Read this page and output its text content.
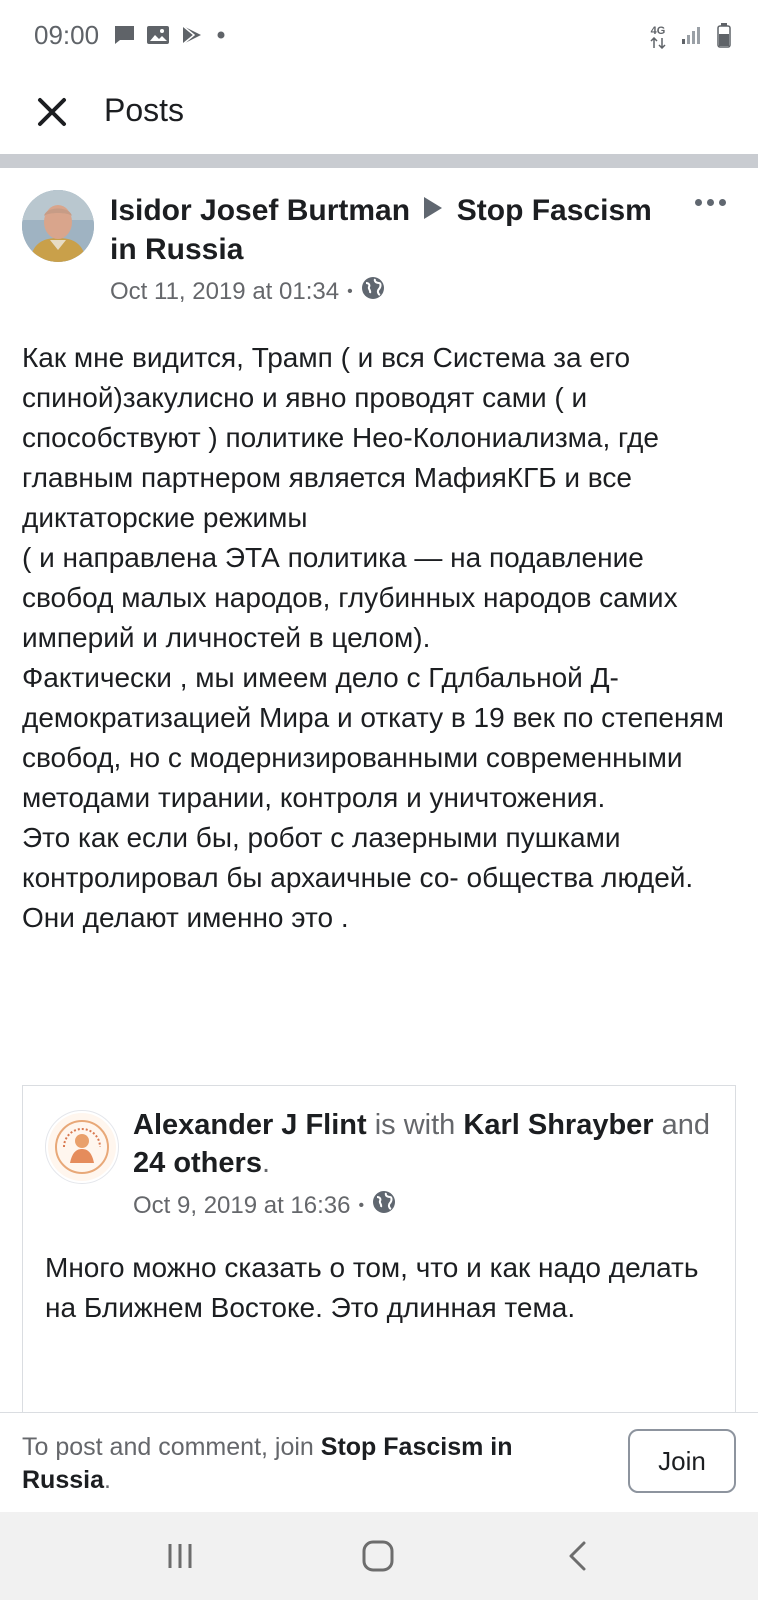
09:00	4G
Posts
Isidor Josef Burtman Stop Fascism in Russia
Oct 11, 2019 at 01:34 •
Как мне видится, Трамп ( и вся Система за его спиной)закулисно и явно проводят сами ( и способствуют ) политике Нео-Колониализма, где главным партнером является МафияКГБ и все диктаторские режимы
( и направлена ЭТА политика — на подавление свобод малых народов, глубинных народов самих империй и личностей в целом).
Фактически , мы имеем дело с Гдлбальной Д-демократизацией Мира и откату в 19 век по степеням свобод, но с модернизированными современными методами тирании, контроля и уничтожения.
Это как если бы, робот с лазерными пушками контролировал бы архаичные со- общества людей.
Они делают именно это .
Alexander J Flint is with Karl Shrayber and 24 others.
Oct 9, 2019 at 16:36 •
Много можно сказать о том, что и как надо делать на Ближнем Востоке. Это длинная тема.
To post and comment, join Stop Fascism in Russia.
Join
